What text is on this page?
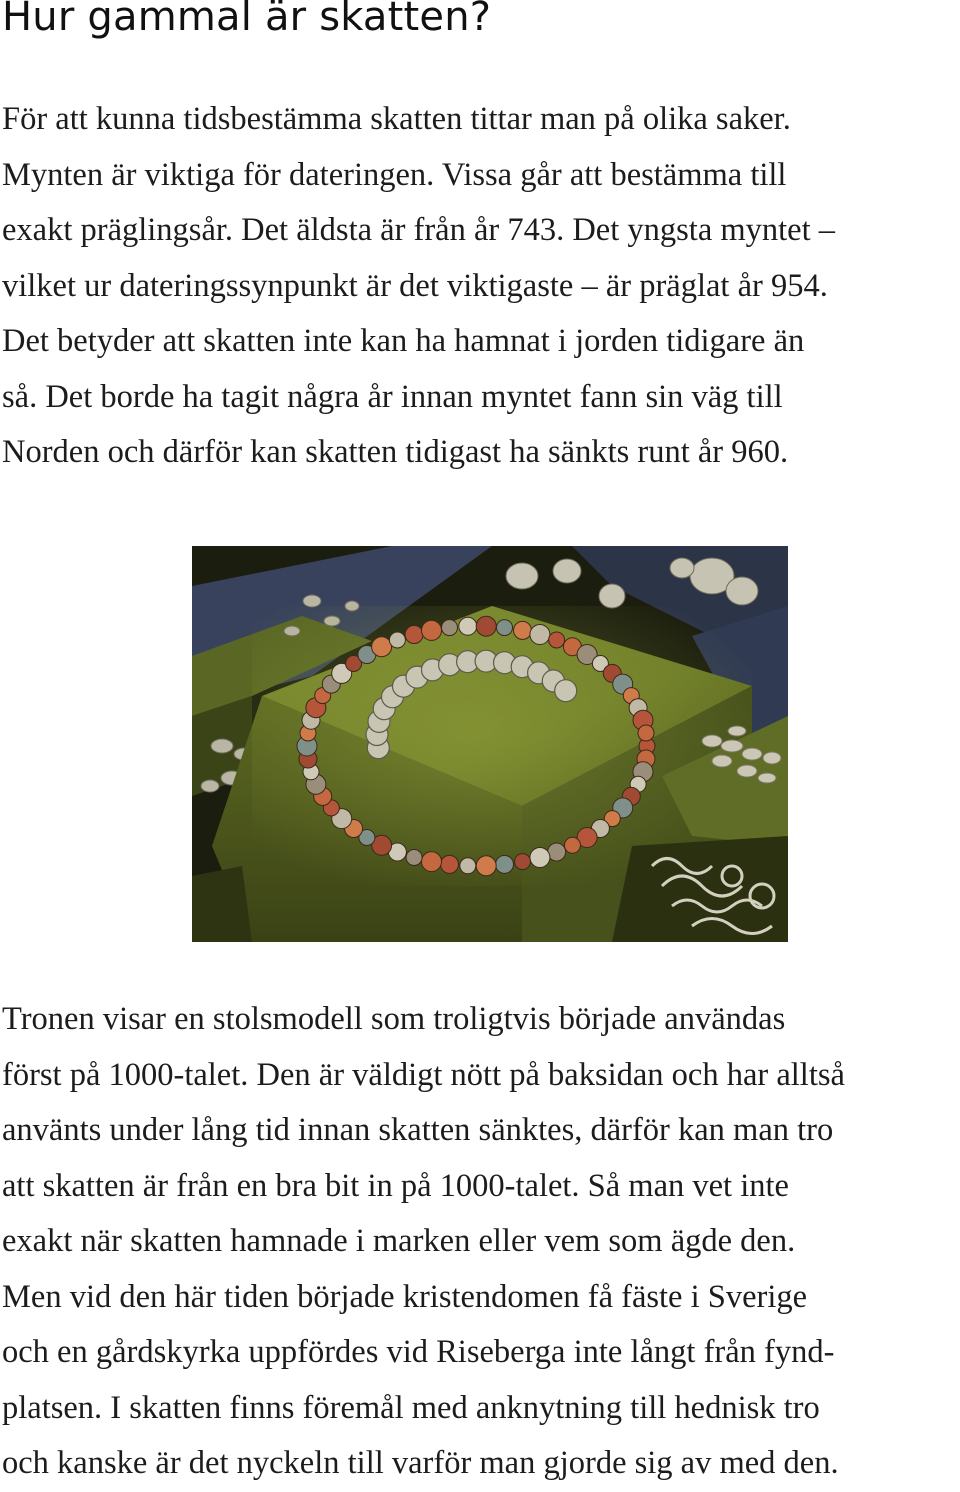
Hur gammal är skatten?
För att kunna tidsbestämma skatten tittar man på olika saker.
Mynten är viktiga för dateringen. Vissa går att bestämma till
exakt präglingsår. Det äldsta är från år 743. Det yngsta myntet –
vilket ur dateringssynpunkt är det viktigaste – är präglat år 954.
Det betyder att skatten inte kan ha hamnat i jorden tidigare än
så. Det borde ha tagit några år innan myntet fann sin väg till
Norden och därför kan skatten tidigast ha sänkts runt år 960.
Tronen visar en stolsmodell som troligtvis började användas
först på 1000-talet. Den är väldigt nött på baksidan och har alltså
använts under lång tid innan skatten sänktes, därför kan man tro
att skatten är från en bra bit in på 1000-talet. Så man vet inte
exakt när skatten hamnade i marken eller vem som ägde den.
Men vid den här tiden började kristendomen få fäste i Sverige
och en gårdskyrka uppfördes vid Riseberga inte långt från fynd-
platsen. I skatten finns föremål med anknytning till hednisk tro
och kanske är det nyckeln till varför man gjorde sig av med den.
